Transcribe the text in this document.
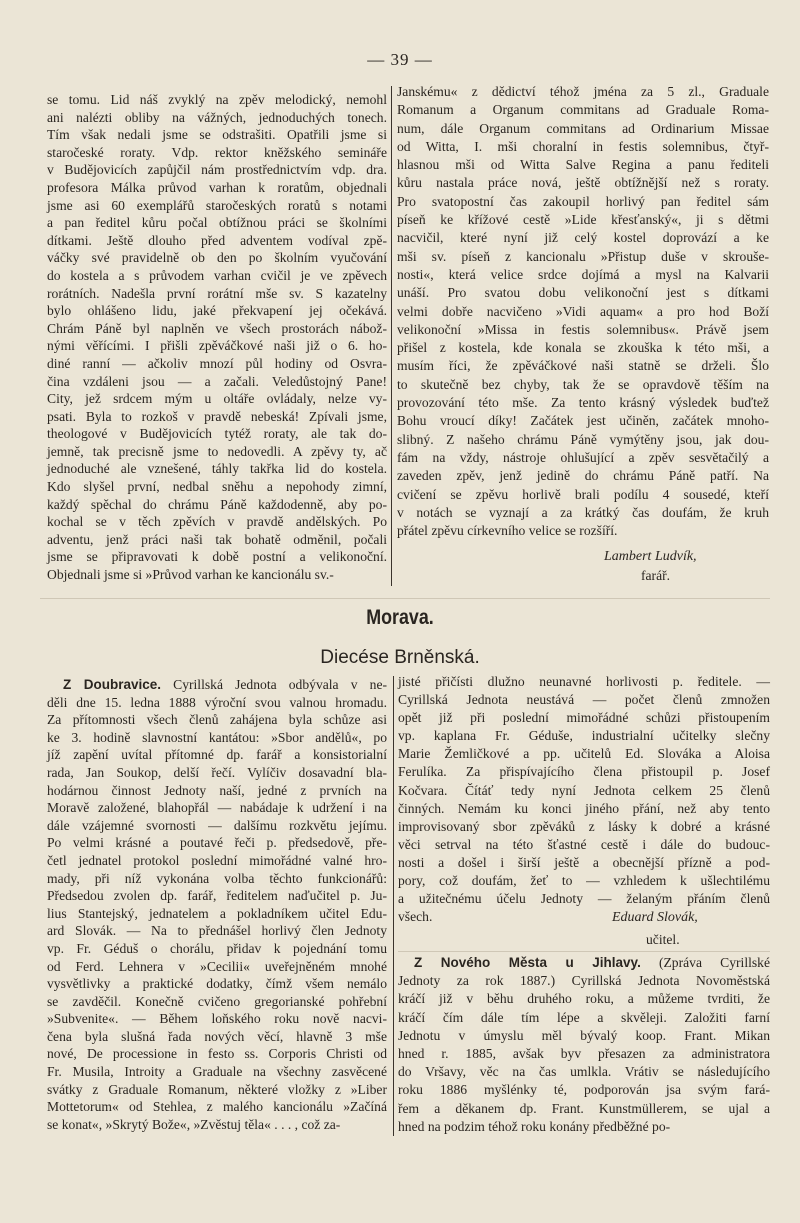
— 39 —
se tomu. Lid náš zvyklý na zpěv melodický, nemohl
ani nalézti obliby na vážných, jednoduchých tonech.
Tím však nedali jsme se odstrašiti. Opatřili jsme si
staročeské roraty. Vdp. rektor kněžského semináře
v Budějovicích zapůjčil nám prostřednictvím vdp. dra.
profesora Málka průvod varhan k roratům, objednali
jsme asi 60 exemplářů staročeských roratů s notami
a pan ředitel kůru počal obtížnou práci se školními
dítkami. Ještě dlouho před adventem vodíval zpě-
váčky své pravidelně ob den po školním vyučování
do kostela a s průvodem varhan cvičil je ve zpěvech
rorátních. Nadešla první rorátní mše sv. S kazatelny
bylo ohlášeno lidu, jaké překvapení jej očekává.
Chrám Páně byl naplněn ve všech prostorách nábož-
nými věřícími. I přišli zpěváčkové naši již o 6. ho-
diné ranní — ačkoliv mnozí půl hodiny od Osvra-
čina vzdáleni jsou — a začali. Veledůstojný Pane!
City, jež srdcem mým u oltáře ovládaly, nelze vy-
psati. Byla to rozkoš v pravdě nebeská! Zpívali jsme,
theologové v Budějovicích tytéž roraty, ale tak do-
jemně, tak precisně jsme to nedovedli. A zpěvy ty, ač
jednoduché ale vznešené, táhly takřka lid do kostela.
Kdo slyšel první, nedbal sněhu a nepohody zimní,
každý spěchal do chrámu Páně každodenně, aby po-
kochal se v těch zpěvích v pravdě andělských. Po
adventu, jenž práci naši tak bohatě odměnil, počali
jsme se připravovati k době postní a velikonoční.
Objednali jsme si »Průvod varhan ke kancionálu sv.-
Janskému« z dědictví téhož jména za 5 zl., Graduale
Romanum a Organum commitans ad Graduale Roma-
num, dále Organum commitans ad Ordinarium Missae
od Witta, I. mši choralní in festis solemnibus, čtyř-
hlasnou mši od Witta Salve Regina a panu řediteli
kůru nastala práce nová, ještě obtížnější než s roraty.
Pro svatopostní čas zakoupil horlivý pan ředitel sám
píseň ke křížové cestě »Lide křesťanský«, ji s dětmi
nacvičil, které nyní již celý kostel doprovází a ke
mši sv. píseň z kancionalu »Přistup duše v skrouše-
nosti«, která velice srdce dojímá a mysl na Kalvarii
unáší. Pro svatou dobu velikonoční jest s dítkami
velmi dobře nacvičeno »Vidi aquam« a pro hod Boží
velikonoční »Missa in festis solemnibus«. Právě jsem
přišel z kostela, kde konala se zkouška k této mši, a
musím říci, že zpěváčkové naši statně se drželi. Šlo
to skutečně bez chyby, tak že se opravdově těším na
provozování této mše. Za tento krásný výsledek buďtež
Bohu vroucí díky! Začátek jest učiněn, začátek mnoho-
slibný. Z našeho chrámu Páně vymýtěny jsou, jak dou-
fám na vždy, nástroje ohlušující a zpěv sesvětačilý a
zaveden zpěv, jenž jedině do chrámu Páně patří. Na
cvičení se zpěvu horlivě brali podílu 4 sousedé, kteří
v notách se vyznají a za krátký čas doufám, že kruh
přátel zpěvu církevního velice se rozšíří.
Lambert Ludvík,
farář.
Morava.
Diecése Brněnská.
Z Doubravice. Cyrillská Jednota odbývala v ne-
děli dne 15. ledna 1888 výroční svou valnou hromadu.
Za přítomnosti všech členů zahájena byla schůze asi
ke 3. hodině slavnostní kantátou: »Sbor andělů«, po
jíž zapění uvítal přítomné dp. farář a konsistorialní
rada, Jan Soukop, delší řečí. Vylíčiv dosavadní bla-
hodárnou činnost Jednoty naší, jedné z prvních na
Moravě založené, blahopřál — nabádaje k udržení i na
dále vzájemné svornosti — dalšímu rozkvětu jejímu.
Po velmi krásné a poutavé řeči p. předsedově, pře-
četl jednatel protokol poslední mimořádné valné hro-
mady, při níž vykonána volba těchto funkcionářů:
Předsedou zvolen dp. farář, ředitelem naďučitel p. Ju-
lius Stantejský, jednatelem a pokladníkem učitel Edu-
ard Slovák. — Na to přednášel horlivý člen Jednoty
vp. Fr. Géduš o chorálu, přidav k pojednání tomu
od Ferd. Lehnera v »Cecilii« uveřejněném mnohé
vysvětlivky a praktické dodatky, čímž všem nemálo
se zavděčil. Konečně cvičeno gregorianské pohřební
»Subvenite«. — Během loňského roku nově nacvi-
čena byla slušná řada nových věcí, hlavně 3 mše
nové, De processione in festo ss. Corporis Christi od
Fr. Musila, Introity a Graduale na všechny zasvěcené
svátky z Graduale Romanum, některé vložky z »Liber
Mottetorum« od Stehlea, z malého kancionálu »Začíná
se konat«, »Skrytý Bože«, »Zvěstuj těla« . . . , což za-
jisté přičísti dlužno neunavné horlivosti p. ředitele. —
Cyrillská Jednota neustává — počet členů zmnožen
opět již při poslední mimořádné schůzi přistoupením
vp. kaplana Fr. Géduše, industrialní učitelky slečny
Marie Žemličkové a pp. učitelů Ed. Slováka a Aloisa
Ferulíka. Za přispívajícího člena přistoupil p. Josef
Kočvara. Čítáť tedy nyní Jednota celkem 25 členů
činných. Nemám ku konci jiného přání, než aby tento
improvisovaný sbor zpěváků z lásky k dobré a krásné
věci setrval na této šťastné cestě i dále do budouc-
nosti a došel i širší ještě a obecnější přízně a pod-
pory, což doufám, žeť to — vzhledem k ušlechtilému
a užitečnému účelu Jednoty — želaným přáním členů
všech.	Eduard Slovák,
učitel.
Z Nového Města u Jihlavy. (Zpráva Cyrillské
Jednoty za rok 1887.) Cyrillská Jednota Novoměstská
kráčí již v běhu druhého roku, a můžeme tvrditi, že
kráčí čím dále tím lépe a skvěleji. Založiti farní
Jednotu v úmyslu měl bývalý koop. Frant. Mikan
hned r. 1885, avšak byv přesazen za administratora
do Vršavy, věc na čas umlkla. Vrátiv se následujícího
roku 1886 myšlénky té, podporován jsa svým fará-
řem a děkanem dp. Frant. Kunstmüllerem, se ujal a
hned na podzim téhož roku konány předběžné po-
